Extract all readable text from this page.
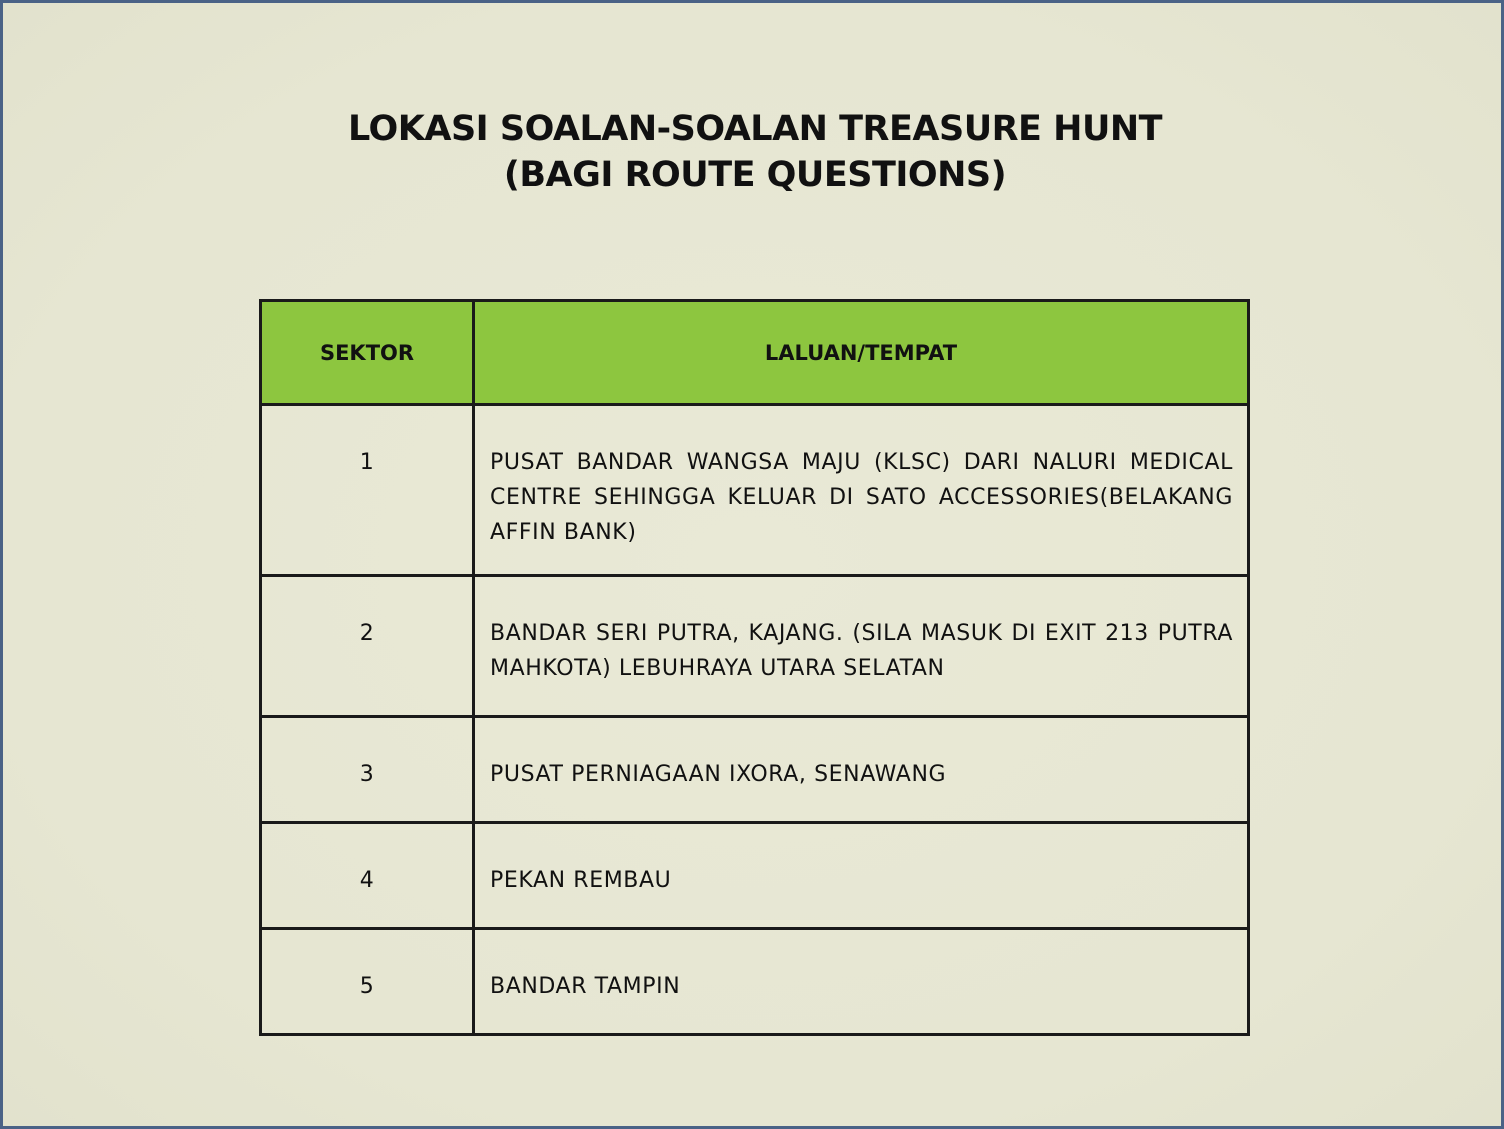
LOKASI SOALAN-SOALAN TREASURE HUNT
(BAGI ROUTE QUESTIONS)
SEKTOR	LALUAN/TEMPAT
1	PUSAT BANDAR WANGSA MAJU (KLSC) DARI NALURI MEDICAL CENTRE SEHINGGA KELUAR DI SATO ACCESSORIES(BELAKANG AFFIN BANK)
2	BANDAR SERI PUTRA, KAJANG. (SILA MASUK DI EXIT 213 PUTRA MAHKOTA) LEBUHRAYA UTARA SELATAN
3	PUSAT PERNIAGAAN IXORA, SENAWANG
4	PEKAN REMBAU
5	BANDAR TAMPIN
